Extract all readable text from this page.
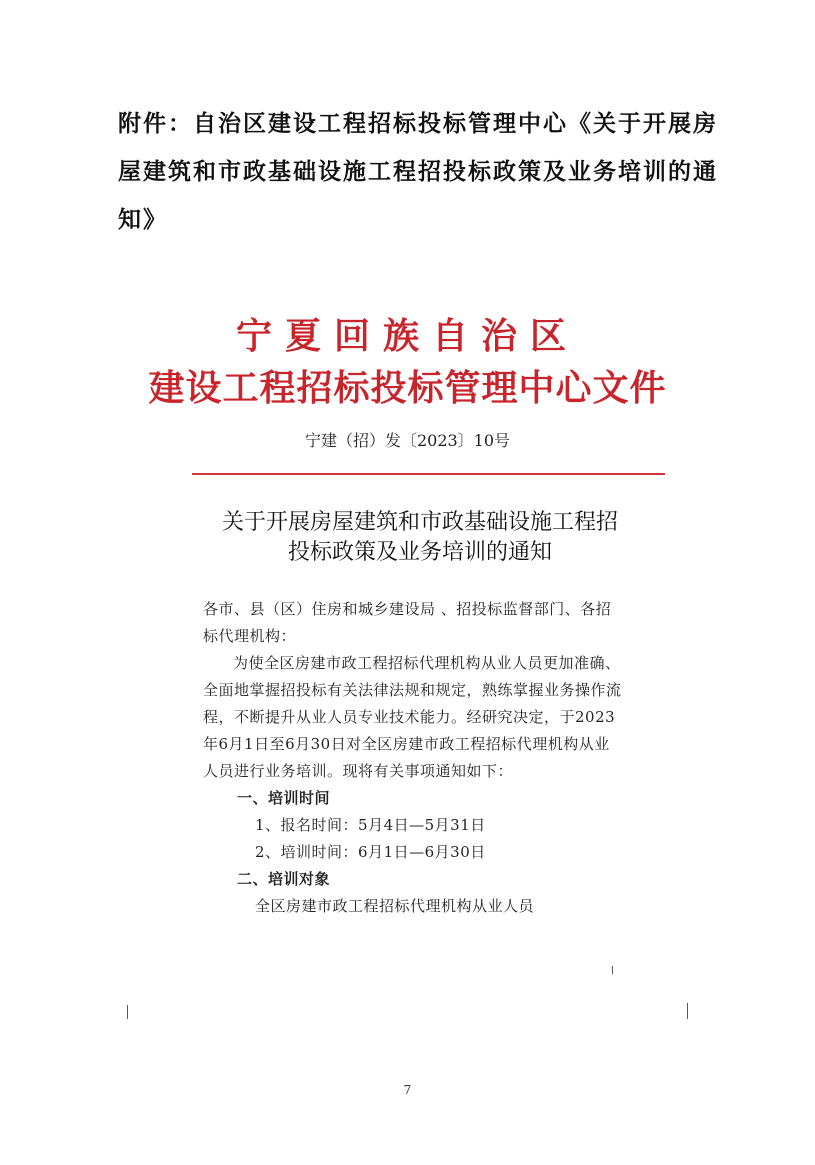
附件：自治区建设工程招标投标管理中心《关于开展房屋建筑和市政基础设施工程招投标政策及业务培训的通知》
宁夏回族自治区
建设工程招标投标管理中心文件
宁建（招）发〔2023〕10号
关于开展房屋建筑和市政基础设施工程招
投标政策及业务培训的通知

各市、县（区）住房和城乡建设局 、招投标监督部门、各招标代理机构：

为使全区房建市政工程招标代理机构从业人员更加准确、全面地掌握招投标有关法律法规和规定，熟练掌握业务操作流程，不断提升从业人员专业技术能力。经研究决定，于2023年6月1日至6月30日对全区房建市政工程招标代理机构从业人员进行业务培训。现将有关事项通知如下：

一、培训时间

1、报名时间：5月4日—5月31日

2、培训时间：6月1日—6月30日

二、培训对象

全区房建市政工程招标代理机构从业人员

7
